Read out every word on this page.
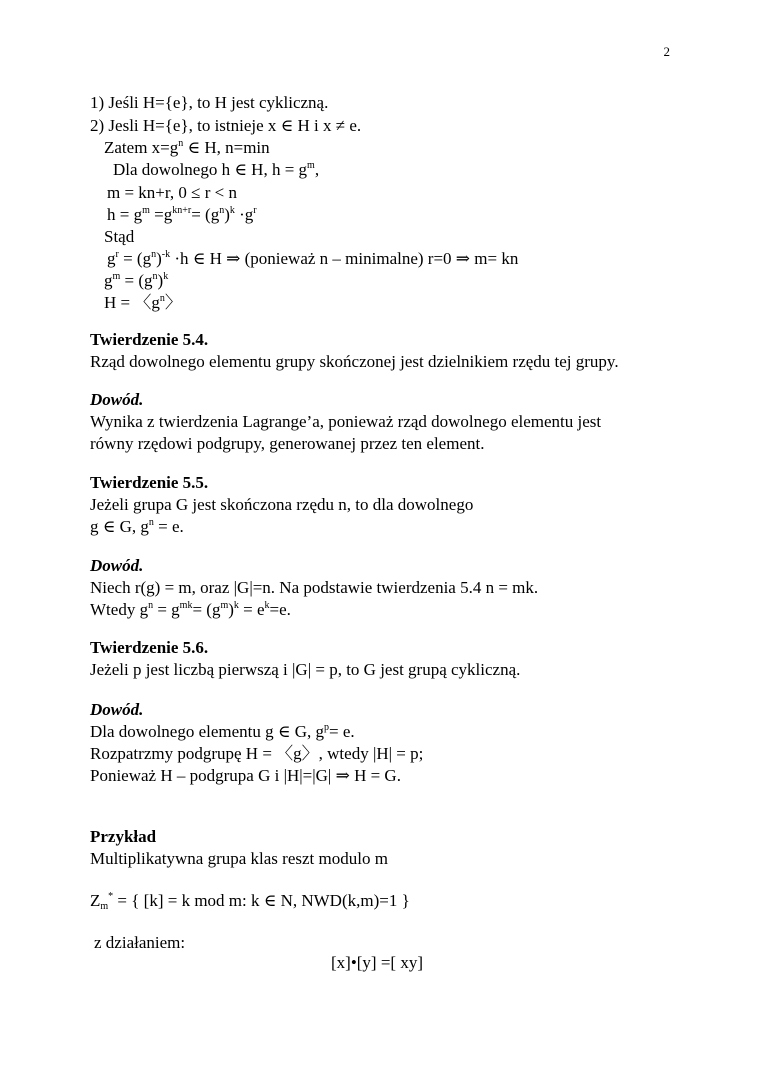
2
1) Jeśli H={e}, to H jest cykliczną.
2) Jesli H={e}, to istnieje x ∈ H i x ≠ e.
Zatem $x=g^n$ ∈ H, n=min
Dla dowolnego h ∈ H, $h = g^m$,
m = kn+r, 0 ≤ r < n
$h = g^m =g^{kn+r}= (g^n)^k \cdot g^r$
Stąd
$g^r = (g^n)^{-k} \cdot h$ ∈ H ⇒ (ponieważ n – minimalne) r=0 ⇒ m= kn
$g^m = (g^n)^k$
H = 〈$g^n$〉
Twierdzenie 5.4.
Rząd dowolnego elementu grupy skończonej jest dzielnikiem rzędu tej grupy.
Dowód.
Wynika z twierdzenia Lagrange’a, ponieważ rząd dowolnego elementu jest
równy rzędowi podgrupy, generowanej przez ten element.
Twierdzenie 5.5.
Jeżeli grupa G jest skończona rzędu n, to dla dowolnego
g ∈ G, $g^n = e$.
Dowód.
Niech r(g) = m, oraz |G|=n. Na podstawie twierdzenia 5.4 n = mk.
Wtedy $g^n = g^{mk}= (g^m)^k = e^k=e$.
Twierdzenie 5.6.
Jeżeli p jest liczbą pierwszą i |G| = p, to G jest grupą cykliczną.
Dowód.
Dla dowolnego elementu g ∈ G, $g^p= e$.
Rozpatrzmy podgrupę H = 〈g〉, wtedy |H| = p;
Ponieważ H – podgrupa G i |H|=|G| ⇒ H = G.
Przykład
Multiplikatywna grupa klas reszt modulo m
$Z_m^*$ = { [k] = k mod m: k ∈ N, NWD(k,m)=1 }
z działaniem:
[x]•[y] =[ xy]
